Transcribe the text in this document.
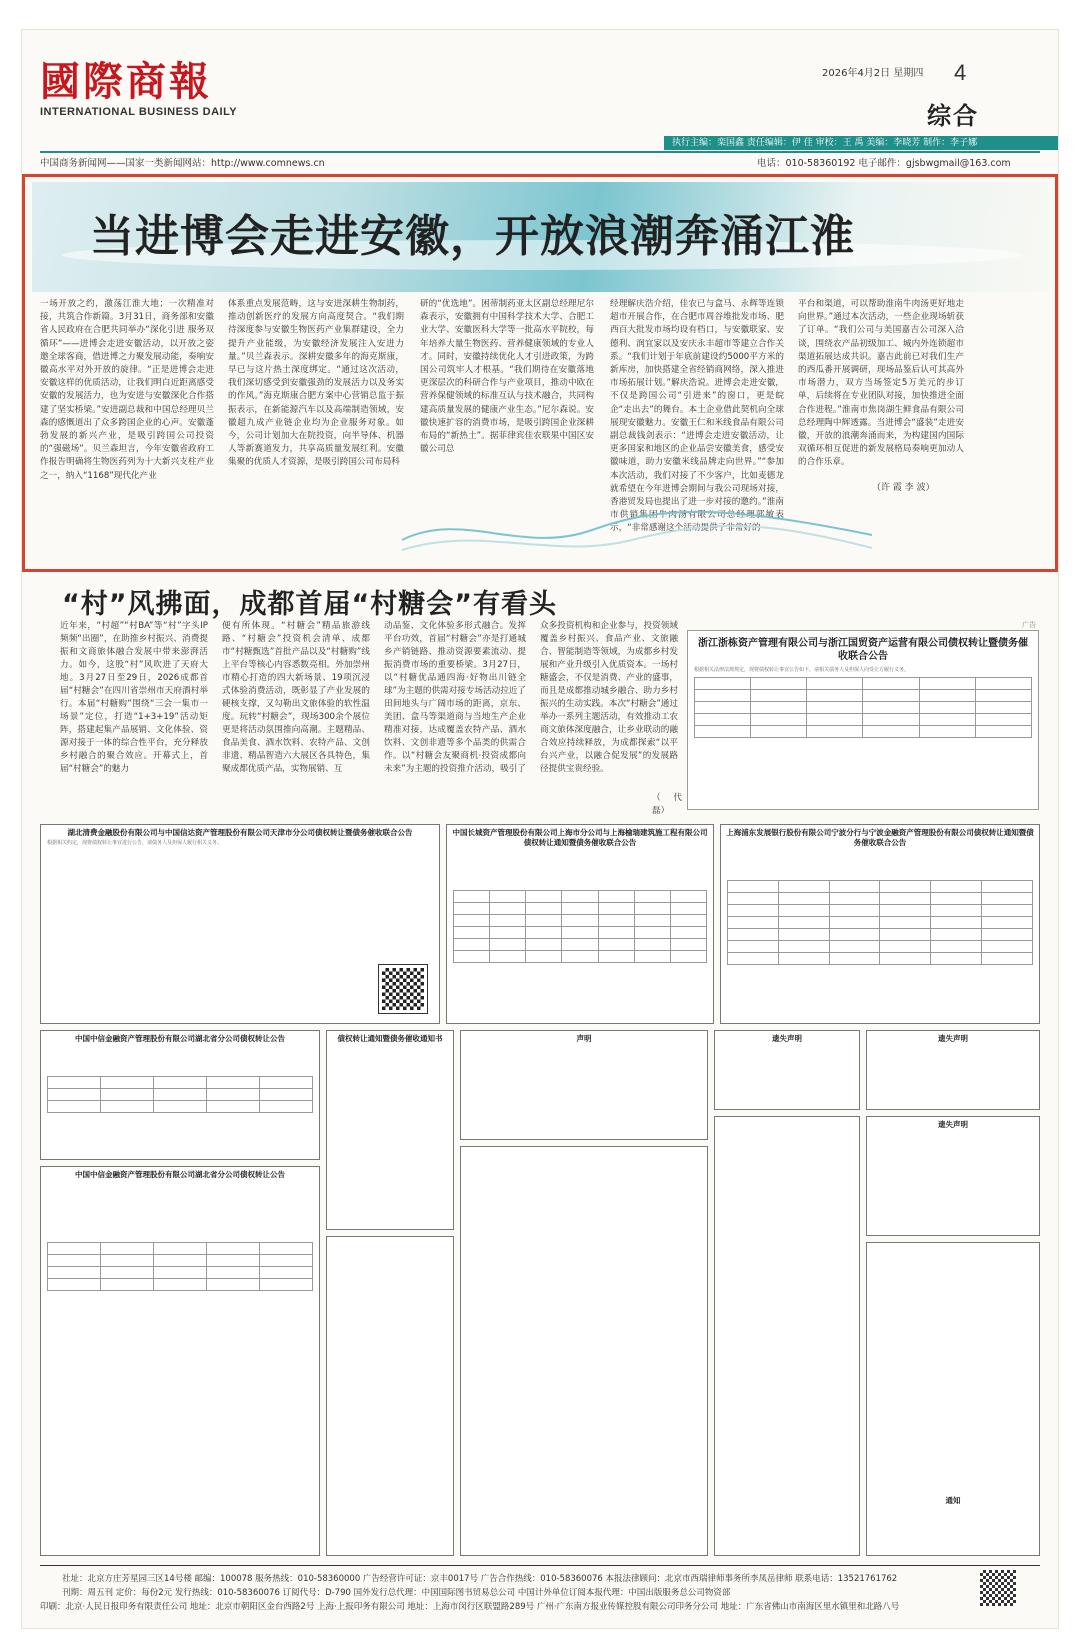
國際商報
INTERNATIONAL BUSINESS DAILY
2026年4月2日 星期四 4
综合
执行主编：栾国鑫 责任编辑：伊 佳 审校：王 禹 美编：李晓芳 制作：李子娜
中国商务新闻网——国家一类新闻网站：http://www.comnews.cn	电话：010-58360192 电子邮件：gjsbwgmail@163.com
当进博会走进安徽，开放浪潮奔涌江淮
一场开放之约，激荡江淮大地；一次精准对接，共筑合作新篇。3月31日，商务部和安徽省人民政府在合肥共同举办“深化引进 服务双循环”——进博会走进安徽活动，以开放之姿邀全球客商，借进博之力聚发展动能，奏响安徽高水平对外开放的旋律。“正是进博会走进安徽这样的优质活动，让我们明白近距离感受安徽的发展活力，也为安进与安徽深化合作搭建了坚实桥梁。”安进副总裁和中国总经理贝兰森的感慨道出了众多跨国企业的心声。安徽蓬勃发展的新兴产业，是吸引跨国公司投资的“强磁场”。贝兰森坦言，今年安徽省政府工作报告明确将生物医药列为十大新兴支柱产业之一，纳入“1168”现代化产业
体系重点发展范畴，这与安进深耕生物制药，推动创新医疗的发展方向高度契合。“我们期待深度参与安徽生物医药产业集群建设，全力提升产业能级，为安徽经济发展注入安进力量。”贝兰森表示。深耕安徽多年的海克斯康，早已与这片热土深度绑定。“通过这次活动，我们深切感受到安徽强劲的发展活力以及务实的作风。”海克斯康合肥方案中心营销总监于振振表示，在新能源汽车以及高端制造领域，安徽超九成产业链企业均为企业服务对象。如今，公司计划加大在院投资，向半导体、机器人等新赛道发力，共享高质量发展红利。安徽集聚的优质人才资源，是吸引跨国公司布局科
研的“优选地”。困蒂制药亚太区副总经理尼尔森表示，安徽拥有中国科学技术大学、合肥工业大学、安徽医科大学等一批高水平院校，每年培养大量生物医药、营养健康领域的专业人才。同时，安徽持续优化人才引进政策，为跨国公司筑牢人才根基。“我们期待在安徽落地更深层次的科研合作与产业项目，推动中欧在营养保健领域的标准互认与技术融合，共同构建高质量发展的健康产业生态。”尼尔森说。安徽快速扩容的消费市场，是吸引跨国企业深耕布局的“新热土”。据菲律宾佳农联果中国区安徽公司总
经理解庆浩介绍，佳农已与盒马、永辉等连锁超市开展合作，在合肥市周谷堆批发市场、肥西百大批发市场均设有档口，与安徽联家、安德利、润宜家以及安庆永丰超市等建立合作关系。“我们计划于年底前建设约5000平方米的新库房，加快搭建全省经销商网络，深入推进市场拓展计划。”解庆浩说。进博会走进安徽，不仅是跨国公司“引进来”的窗口，更是皖企“走出去”的舞台。本土企业借此契机向全球展现安徽魅力。安徽王仁和米线食品有限公司副总裁钱剑表示：“进博会走进安徽活动，让更多国家和地区的企业品尝安徽美食，感受安徽味道，助力安徽米线品牌走向世界。”“参加本次活动，我们对接了不少客户，比如麦德龙就希望在今年进博会期间与我公司现场对接，香港贸发局也提出了进一步对接的邀约。”淮南市供销集团牛肉汤有限公司总经理郭敏表示，“非常感谢这个活动提供了非常好的
平台和渠道，可以帮助淮南牛肉汤更好地走向世界。”通过本次活动，一些企业现场斩获了订单。“我们公司与美国嘉吉公司深入洽谈，围绕农产品初级加工、城内外连锁超市渠道拓展达成共识。嘉吉此前已对我们生产的西瓜番开展调研，现场品鉴后认可其高外市场潜力，双方当场签定5万美元的步订单，后续将在专业团队对接，加快推进全面合作进程。”淮南市焦岗湖生鲜食品有限公司总经理陶中辉透露。当进博会“盛装”走进安徽，开放的浪潮奔涌而来，为构建国内国际双循环相互促进的新发展格局奏响更加动人的合作乐章。
（许 霞 李 波）
“村”风拂面，成都首届“村糖会”有看头
近年来，“村超”“村BA”等“村”字头IP频频“出圈”，在助推乡村振兴、消费提振和文商旅体融合发展中带来澎湃活力。如今，这股“村”风吹进了天府大地。3月27日至29日，2026成都首届“村糖会”在四川省崇州市天府酒村举行。本届“村糖购”围绕“三会一集市一场景”定位，打造“1+3+19”活动矩阵，搭建起集产品展销、文化体验、资源对接于一体的综合性平台，充分释放乡村融合的聚合效应。开幕式上，首届“村糖会”的魅力
便有所体现。“村糖会”精品旅游线路、“村糖会”投资机会清单、成都市“村糖甄选”首批产品以及“村糖购”线上平台等核心内容悉数亮相。外加崇州市精心打造的四大新场景、19项沉浸式体验消费活动，既彰显了产业发展的硬核支撑，又勾勒出文旅体验的软性温度。玩转“村糖会”，现场300余个展位更是将活动氛围推向高潮。主题精品、食品美食、酒水饮料、农特产品、文创非遗、精品智造六大展区各具特色，集聚成都优质产品，实物展销、互
动品鉴、文化体验多形式融合。发挥平台功效，首届“村糖会”亦是打通城乡产销链路、推动资源要素流动、提振消费市场的重要桥梁。3月27日，以“村糖优品通四海·好物出川链全球”为主题的供需对接专场活动拉近了田间地头与广阔市场的距离，京东、美团、盒马等渠道商与当地生产企业精准对接，达成覆盖农特产品、酒水饮料、文创非遗等多个品类的供需合作。以“村糖会友聚商机·投资成都向未来”为主题的投资推介活动，吸引了
众多投资机构和企业参与，投资领域覆盖乡村振兴、食品产业、文旅融合、智能制造等领域，为成都乡村发展和产业升级引入优质资本。一场村糖盛会，不仅是消费、产业的盛事，而且是成都推动城乡融合、助力乡村振兴的生动实践。本次“村糖会”通过举办一系列主题活动，有效推动工农商文旅体深度融合，让乡业联动的融合效应持续释放，为成都探索“以平台兴产业，以融合促发展”的发展路径提供宝贵经验。
（代 磊）
广告
浙江浙栋资产管理有限公司与浙江国贸资产运营有限公司债权转让暨债务催收联合公告
根据相关法律法规规定，现将债权转让事宜公告如下，请相关债务人及担保人向受让方履行义务。

湖北清费金融股份有限公司与中国信达资产管理股份有限公司天津市分公司债权转让暨债务催收联合公告
根据相关约定，现将债权转让事宜进行公告，请债务人及担保人履行相关义务。
中国长城资产管理股份有限公司上海市分公司与上海榆瑞建筑施工程有限公司债权转让通知暨债务催收联合公告

上海浦东发展银行股份有限公司宁波分行与宁波金融资产管理股份有限公司债权转让通知暨债务催收联合公告

中国中信金融资产管理股份有限公司湖北省分公司债权转让公告

					债权转让通知暨债务催收通知书	声明	遗失声明	遗失声明
遗失声明
中国中信金融资产管理股份有限公司湖北省分公司债权转让公告

通知
社址：北京方庄芳星园三区14号楼 邮编：100078 服务热线：010-58360000 广告经营许可证：京丰0017号 广告合作热线：010-58360076 本报法律顾问：北京市西瑞律师事务所李凤岳律师 联系电话：13521761762
刊期：周五刊 定价：每份2元 发行热线：010-58360076 订阅代号：D-790 国外发行总代理：中国国际图书贸易总公司 中国计外单位订阅本报代理：中国出版服务总公司物资部
印刷：北京·人民日报印务有限责任公司 地址：北京市朝阳区金台西路2号 上海·上报印务有限公司 地址：上海市闵行区联盟路289号 广州·广东南方报业传媒控股有限公司印务分公司 地址：广东省佛山市南海区里水镇里和北路八号
